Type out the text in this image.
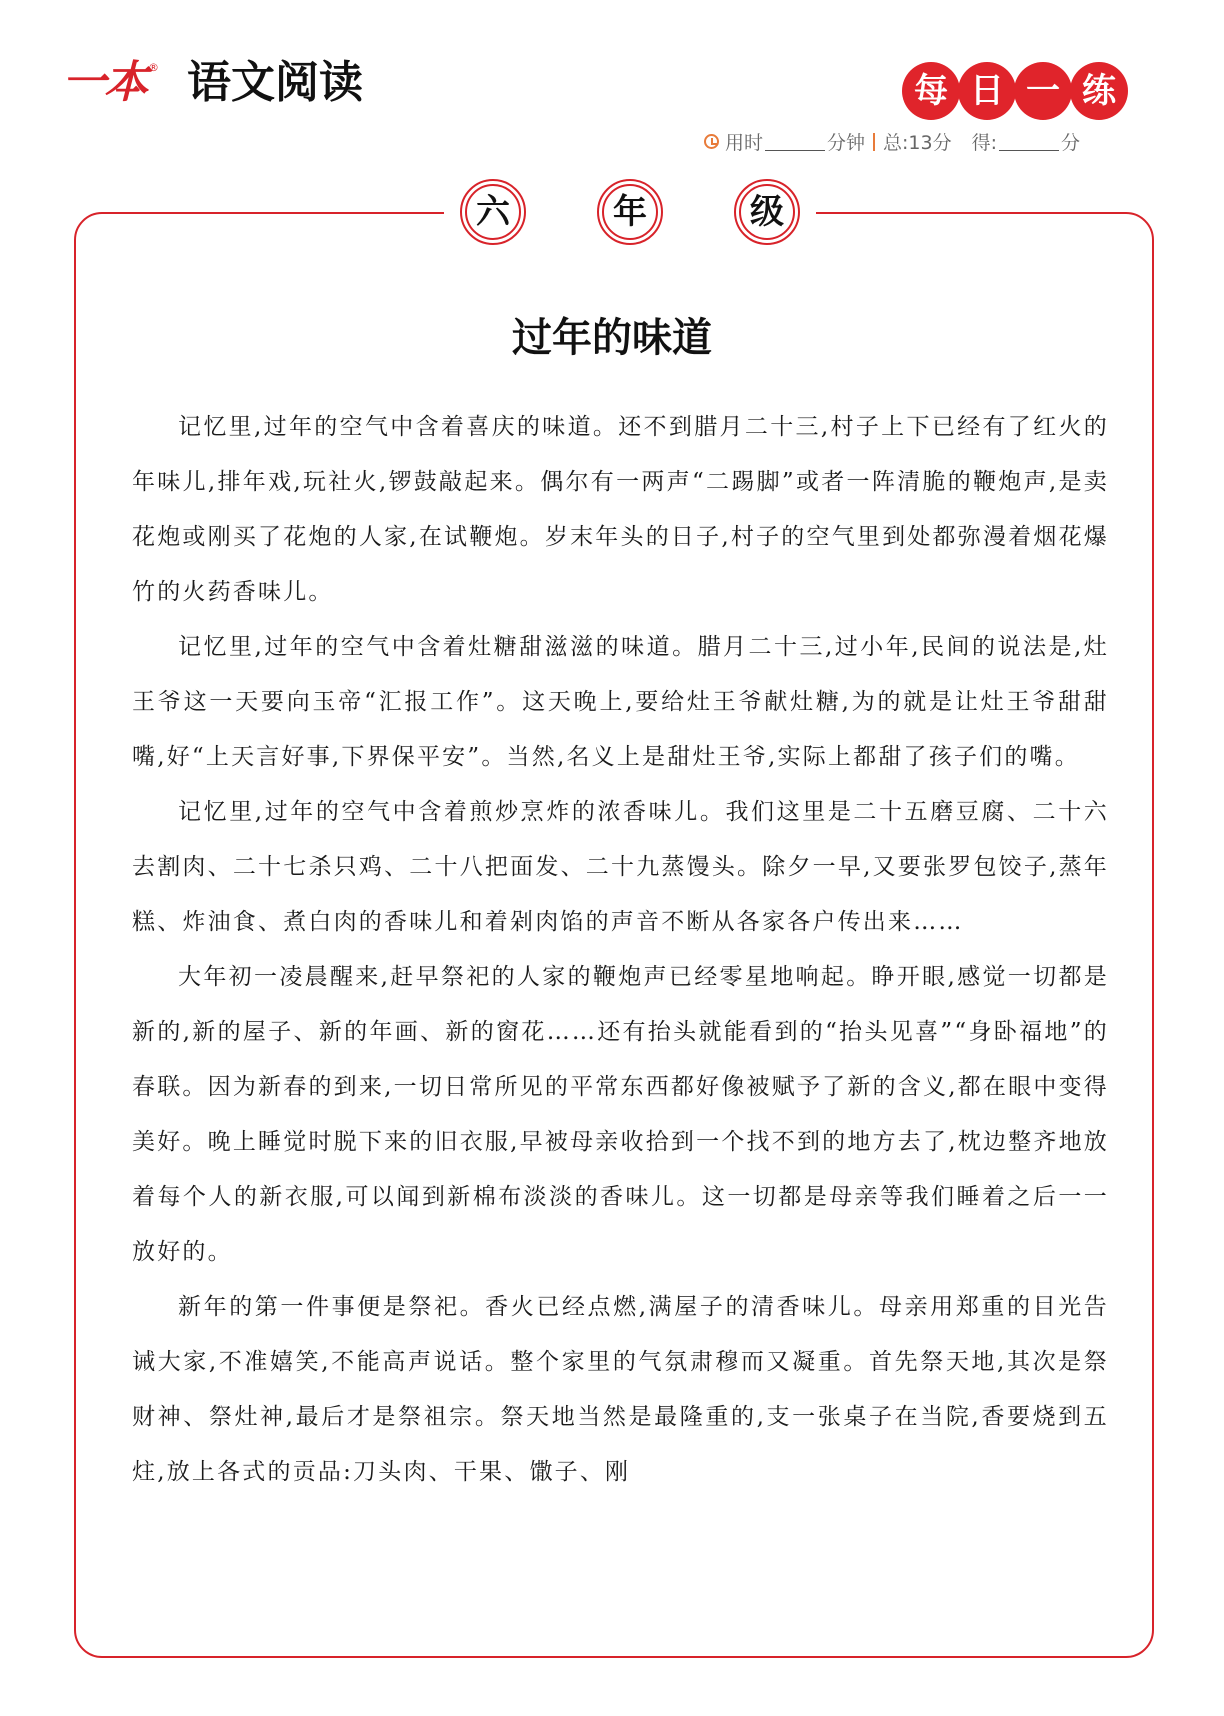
一本 ® 语文阅读	每 日 一 练
用时	分钟 总:13分 得:	分
六	年	级
过年的味道

记忆里,过年的空气中含着喜庆的味道。还不到腊月二十三,村子上下已经有了红火的年味儿,排年戏,玩社火,锣鼓敲起来。偶尔有一两声“二踢脚”或者一阵清脆的鞭炮声,是卖花炮或刚买了花炮的人家,在试鞭炮。岁末年头的日子,村子的空气里到处都弥漫着烟花爆竹的火药香味儿。

记忆里,过年的空气中含着灶糖甜滋滋的味道。腊月二十三,过小年,民间的说法是,灶王爷这一天要向玉帝“汇报工作”。这天晚上,要给灶王爷献灶糖,为的就是让灶王爷甜甜嘴,好“上天言好事,下界保平安”。当然,名义上是甜灶王爷,实际上都甜了孩子们的嘴。

记忆里,过年的空气中含着煎炒烹炸的浓香味儿。我们这里是二十五磨豆腐、二十六去割肉、二十七杀只鸡、二十八把面发、二十九蒸馒头。除夕一早,又要张罗包饺子,蒸年糕、炸油食、煮白肉的香味儿和着剁肉馅的声音不断从各家各户传出来……

大年初一凌晨醒来,赶早祭祀的人家的鞭炮声已经零星地响起。睁开眼,感觉一切都是新的,新的屋子、新的年画、新的窗花……还有抬头就能看到的“抬头见喜”“身卧福地”的春联。因为新春的到来,一切日常所见的平常东西都好像被赋予了新的含义,都在眼中变得美好。晚上睡觉时脱下来的旧衣服,早被母亲收拾到一个找不到的地方去了,枕边整齐地放着每个人的新衣服,可以闻到新棉布淡淡的香味儿。这一切都是母亲等我们睡着之后一一放好的。

新年的第一件事便是祭祀。香火已经点燃,满屋子的清香味儿。母亲用郑重的目光告诫大家,不准嬉笑,不能高声说话。整个家里的气氛肃穆而又凝重。首先祭天地,其次是祭财神、祭灶神,最后才是祭祖宗。祭天地当然是最隆重的,支一张桌子在当院,香要烧到五炷,放上各式的贡品:刀头肉、干果、馓子、刚
